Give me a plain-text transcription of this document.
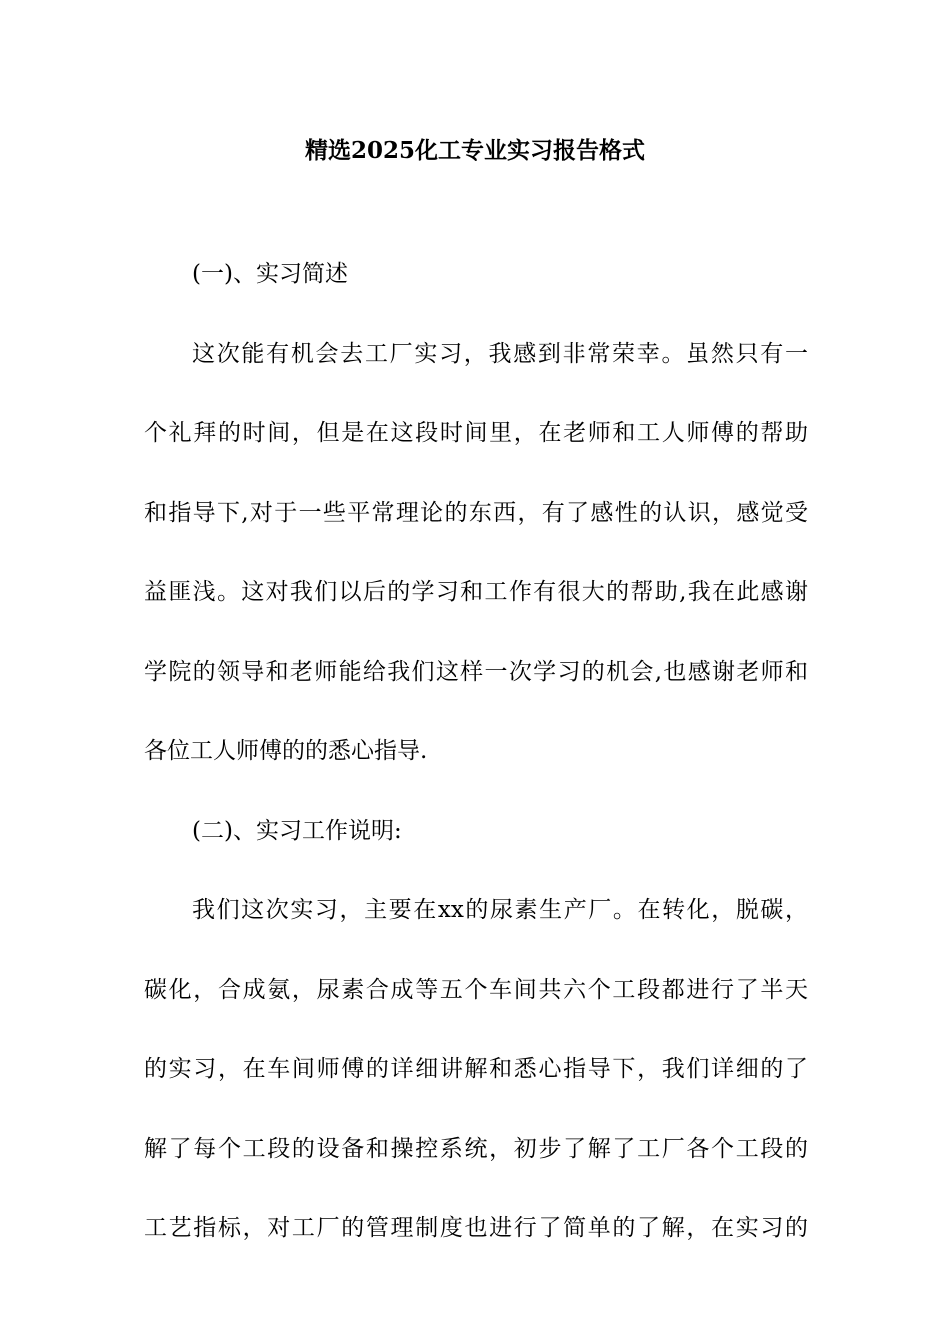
精选2025化工专业实习报告格式
(一)、实习简述
这次能有机会去工厂实习，我感到非常荣幸。虽然只有一
个礼拜的时间，但是在这段时间里，在老师和工人师傅的帮助
和指导下,对于一些平常理论的东西，有了感性的认识，感觉受
益匪浅。这对我们以后的学习和工作有很大的帮助,我在此感谢
学院的领导和老师能给我们这样一次学习的机会,也感谢老师和
各位工人师傅的的悉心指导.
(二)、实习工作说明:
我们这次实习，主要在xx的尿素生产厂。在转化，脱碳，
碳化，合成氨，尿素合成等五个车间共六个工段都进行了半天
的实习，在车间师傅的详细讲解和悉心指导下，我们详细的了
解了每个工段的设备和操控系统，初步了解了工厂各个工段的
工艺指标，对工厂的管理制度也进行了简单的了解，在实习的
